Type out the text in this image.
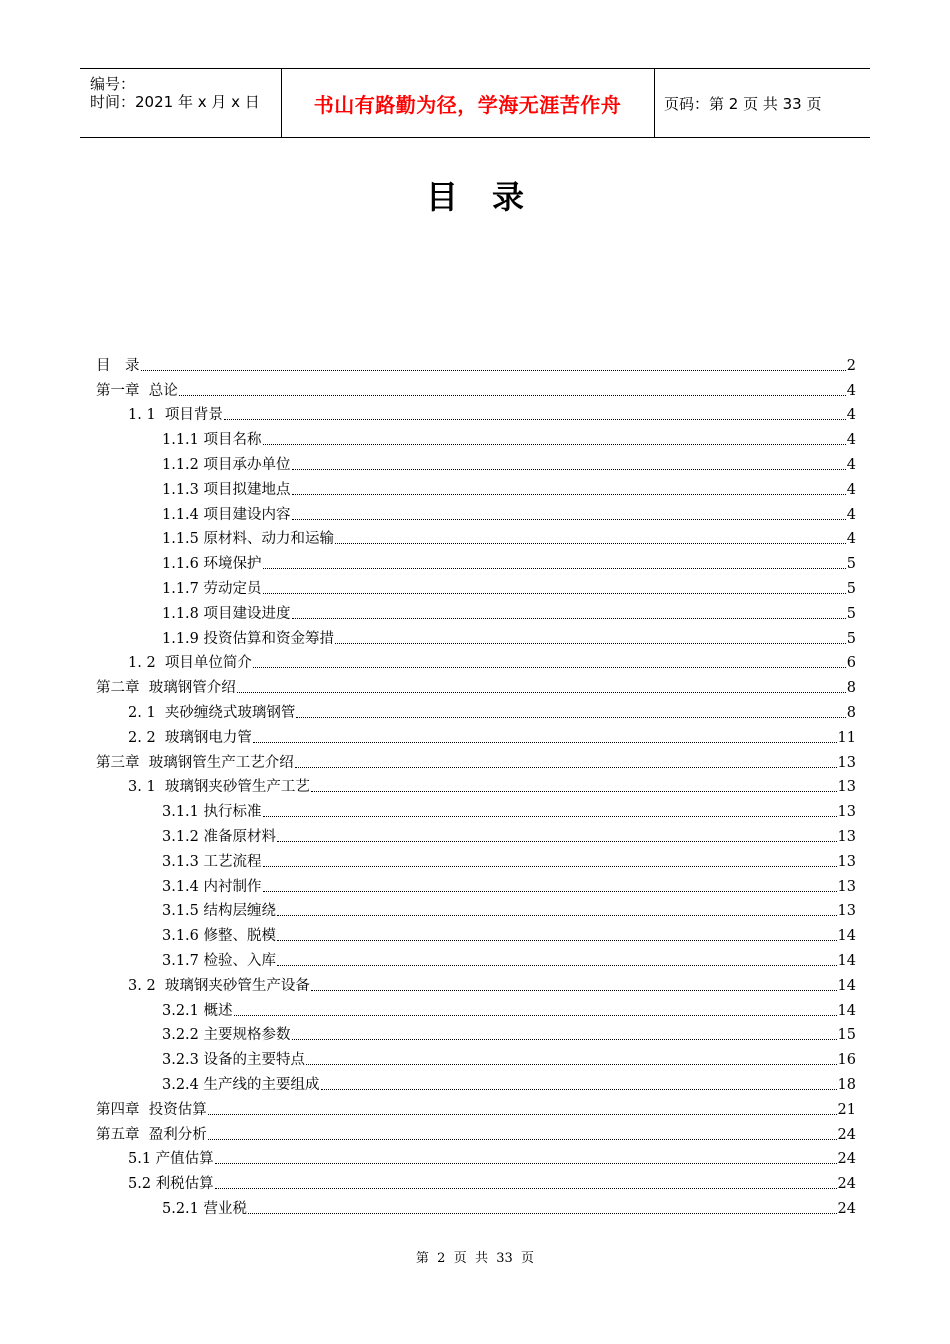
编号：
时间：2021 年 x 月 x 日	书山有路勤为径，学海无涯苦作舟	页码：第 2 页 共 33 页
目录
目　录	2
第一章  总论	4
1. 1  项目背景	4
1.1.1 项目名称	4
1.1.2 项目承办单位	4
1.1.3 项目拟建地点	4
1.1.4 项目建设内容	4
1.1.5 原材料、动力和运输	4
1.1.6 环境保护	5
1.1.7 劳动定员	5
1.1.8 项目建设进度	5
1.1.9 投资估算和资金筹措	5
1. 2  项目单位简介	6
第二章  玻璃钢管介绍	8
2. 1  夹砂缠绕式玻璃钢管	8
2. 2  玻璃钢电力管	11
第三章  玻璃钢管生产工艺介绍	13
3. 1  玻璃钢夹砂管生产工艺	13
3.1.1 执行标准	13
3.1.2 准备原材料	13
3.1.3 工艺流程	13
3.1.4 内衬制作	13
3.1.5 结构层缠绕	13
3.1.6 修整、脱模	14
3.1.7 检验、入库	14
3. 2  玻璃钢夹砂管生产设备	14
3.2.1 概述	14
3.2.2 主要规格参数	15
3.2.3 设备的主要特点	16
3.2.4 生产线的主要组成	18
第四章  投资估算	21
第五章  盈利分析	24
5.1 产值估算	24
5.2 利税估算	24
5.2.1 营业税	24
第  2  页  共  33  页
